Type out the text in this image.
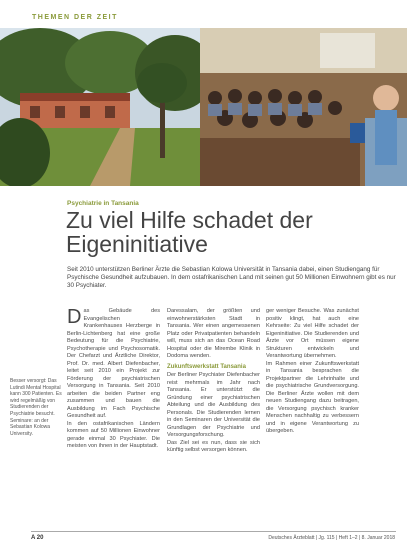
THEMEN DER ZEIT
Psychiatrie in Tansania
Zu viel Hilfe schadet der Eigeninitiative
Seit 2010 unterstützen Berliner Ärzte die Sebastian Kolowa Universität in Tansania dabei, einen Studiengang für Psychische Gesundheit aufzubauen. In dem ostafrikanischen Land mit seinen gut 50 Millionen Einwohnern gibt es nur 30 Psychiater.
Besser versorgt: Das Lutindi Mental Hospital kann 300 Patienten. Es wird regelmäßig von Studierenden der Psychiatrie besucht. Seminare: an der Sebastian Kolowa University.

Das Gebäude des Evangelischen Krankenhauses Herzberge in Berlin-Lichtenberg hat eine große Bedeutung für die Psychiatrie, Psychotherapie und Psychosomatik. Der Chefarzt und Ärztliche Direktor, Prof. Dr. med. Albert Diefenbacher, leitet seit 2010 ein Projekt zur Förderung der psychiatrischen Versorgung in Tansania. Seit 2010 arbeiten die beiden Partner eng zusammen und bauen die Ausbildung im Fach Psychische Gesundheit auf.

In den ostafrikanischen Ländern kommen auf 50 Millionen Einwohner gerade einmal 30 Psychiater. Die meisten von ihnen in der Hauptstadt.

Daressalam, der größten und einwohnerstärksten Stadt in Tansania. Wer einen angemessenen Platz oder Privatpatienten behandeln will, muss sich an das Ocean Road Hospital oder die Mirembe Klinik in Dodoma wenden.

Zukunftswerkstatt Tansania

Der Berliner Psychiater Diefenbacher reist mehrmals im Jahr nach Tansania. Er unterstützt die Gründung einer psychiatrischen Abteilung und die Ausbildung des Personals. Die Studierenden lernen in den Seminaren der Universität die Grundlagen der Psychiatrie und Versorgungsforschung.

Das Ziel sei es nun, dass sie sich künftig selbst versorgen können.

ger weniger Besuche. Was zunächst positiv klingt, hat auch eine Kehrseite: Zu viel Hilfe schadet der Eigeninitiative. Die Studierenden und Ärzte vor Ort müssen eigene Strukturen entwickeln und Verantwortung übernehmen.

Im Rahmen einer Zukunftswerkstatt in Tansania besprachen die Projektpartner die Lehrinhalte und die psychiatrische Grundversorgung. Die Berliner Ärzte wollen mit dem neuen Studiengang dazu beitragen, die Versorgung psychisch kranker Menschen nachhaltig zu verbessern und in eigene Verantwortung zu übergeben.

A 20	Deutsches Ärzteblatt | Jg. 115 | Heft 1–2 | 8. Januar 2018
